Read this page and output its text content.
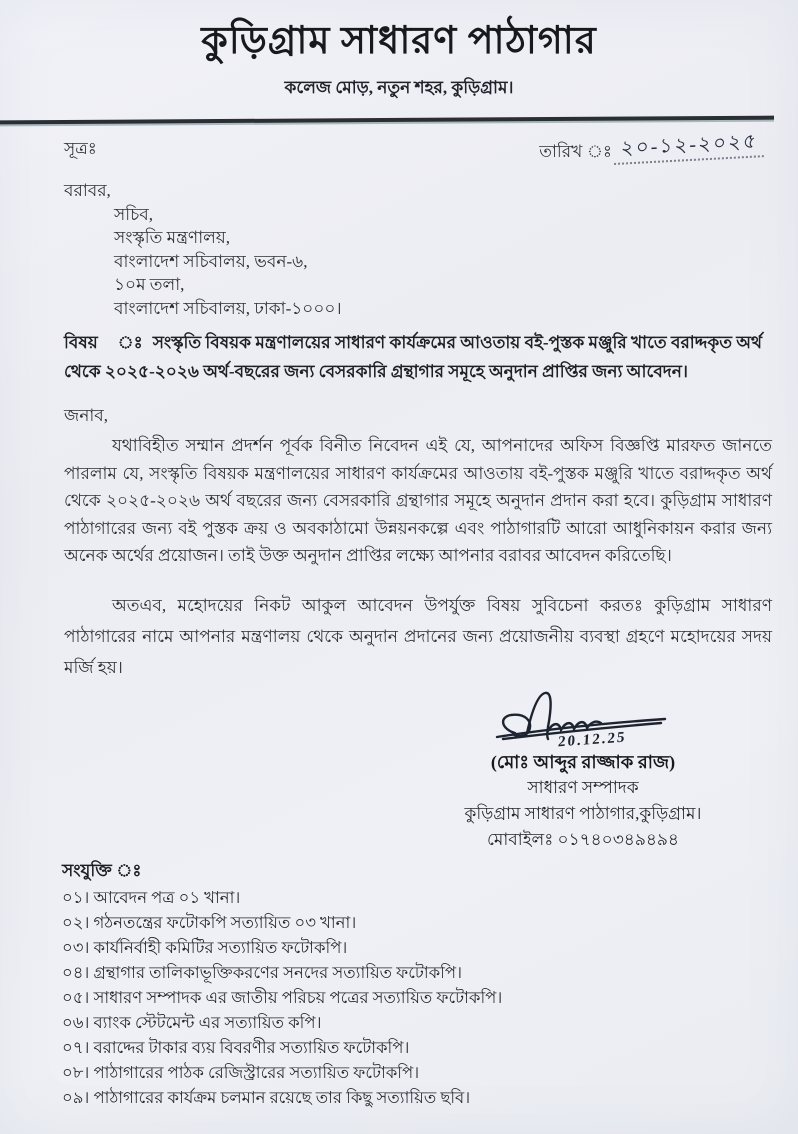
কুড়িগ্রাম সাধারণ পাঠাগার
কলেজ মোড়, নতুন শহর, কুড়িগ্রাম।
সূত্রঃ	তারিখ ঃ ২০-১২-২০২৫
বরাবর,
সচিব,
সংস্কৃতি মন্ত্রণালয়,
বাংলাদেশ সচিবালয়, ভবন-৬,
১০ম তলা,
বাংলাদেশ সচিবালয়, ঢাকা-১০০০।

বিষয় ঃ সংস্কৃতি বিষয়ক মন্ত্রণালয়ের সাধারণ কার্যক্রমের আওতায় বই-পুস্তক মঞ্জুরি খাতে বরাদ্দকৃত অর্থ থেকে ২০২৫-২০২৬ অর্থ-বছরের জন্য বেসরকারি গ্রন্থাগার সমূহে অনুদান প্রাপ্তির জন্য আবেদন।

জনাব,

যথাবিহীত সম্মান প্রদর্শন পূর্বক বিনীত নিবেদন এই যে, আপনাদের অফিস বিজ্ঞপ্তি মারফত জানতে পারলাম যে, সংস্কৃতি বিষয়ক মন্ত্রণালয়ের সাধারণ কার্যক্রমের আওতায় বই-পুস্তক মঞ্জুরি খাতে বরাদ্দকৃত অর্থ থেকে ২০২৫-২০২৬ অর্থ বছরের জন্য বেসরকারি গ্রন্থাগার সমূহে অনুদান প্রদান করা হবে। কুড়িগ্রাম সাধারণ পাঠাগারের জন্য বই পুস্তক ক্রয় ও অবকাঠামো উন্নয়নকল্পে এবং পাঠাগারটি আরো আধুনিকায়ন করার জন্য অনেক অর্থের প্রয়োজন। তাই উক্ত অনুদান প্রাপ্তির লক্ষ্যে আপনার বরাবর আবেদন করিতেছি।

অতএব, মহোদয়ের নিকট আকুল আবেদন উপর্যুক্ত বিষয় সুবিচেনা করতঃ কুড়িগ্রাম সাধারণ পাঠাগারের নামে আপনার মন্ত্রণালয় থেকে অনুদান প্রদানের জন্য প্রয়োজনীয় ব্যবস্থা গ্রহণে মহোদয়ের সদয় মর্জি হয়।

20.12.25
(মোঃ আব্দুর রাজ্জাক রাজ)
সাধারণ সম্পাদক
কুড়িগ্রাম সাধারণ পাঠাগার,কুড়িগ্রাম।
মোবাইলঃ ০১৭৪০৩৪৯৪৯৪
সংযুক্তি ঃ
০১। আবেদন পত্র ০১ খানা।
০২। গঠনতন্ত্রের ফটোকপি সত্যায়িত ০৩ খানা।
০৩। কার্যনির্বাহী কমিটির সত্যায়িত ফটোকপি।
০৪। গ্রন্থাগার তালিকাভূক্তিকরণের সনদের সত্যায়িত ফটোকপি।
০৫। সাধারণ সম্পাদক এর জাতীয় পরিচয় পত্রের সত্যায়িত ফটোকপি।
০৬। ব্যাংক স্টেটমেন্ট এর সত্যায়িত কপি।
০৭। বরাদ্দের টাকার ব্যয় বিবরণীর সত্যায়িত ফটোকপি।
০৮। পাঠাগারের পাঠক রেজিস্ট্রারের সত্যায়িত ফটোকপি।
০৯। পাঠাগারের কার্যক্রম চলমান রয়েছে তার কিছু সত্যায়িত ছবি।
